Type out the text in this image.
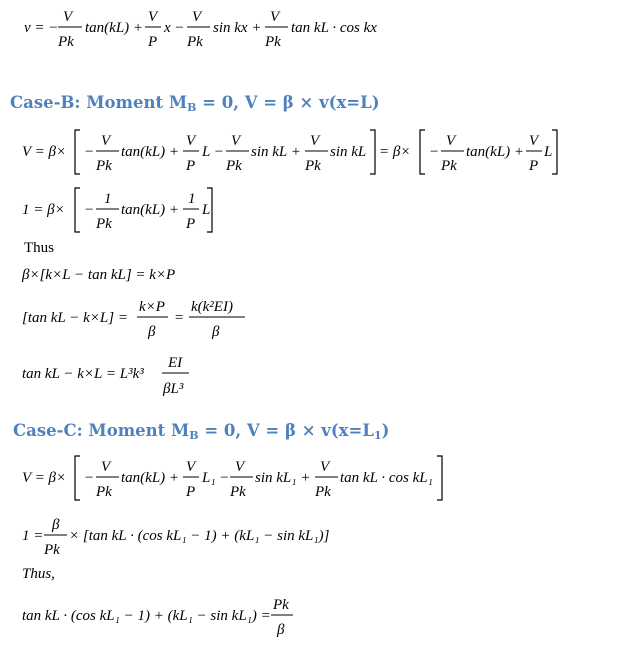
v = −
V
Pk
tan(kL) +
V
P
x −
V
Pk
sin kx +
V
Pk
tan kL · cos kx
Case-B: Moment $M_B = 0$, V = β × v(x=L)
V = β× −
V
Pk
tan(kL) +
V
P
L −
V
Pk
sin kL +
V
Pk
sin kL = β× −
V
Pk
tan(kL) +
V
P
L
1 = β× −
1
Pk
tan(kL) +
1
P
L
Thus
β×[k×L − tan kL] = k×P
[tan kL − k×L] =
k×P
β
=
k(k²EI)
β
tan kL − k×L = L³k³
EI
βL³
Case-C: Moment $M_B = 0$, $V = \beta \times v(x=L_1)$
V = β× −
V
Pk
tan(kL) +
V
P
L₁ −
V
Pk
sin kL₁ +
V
Pk
tan kL · cos kL₁
1 =
β
Pk
× [tan kL · (cos kL₁ − 1) + (kL₁ − sin kL₁)]
Thus,
tan kL · (cos kL₁ − 1) + (kL₁ − sin kL₁) =
Pk
β
